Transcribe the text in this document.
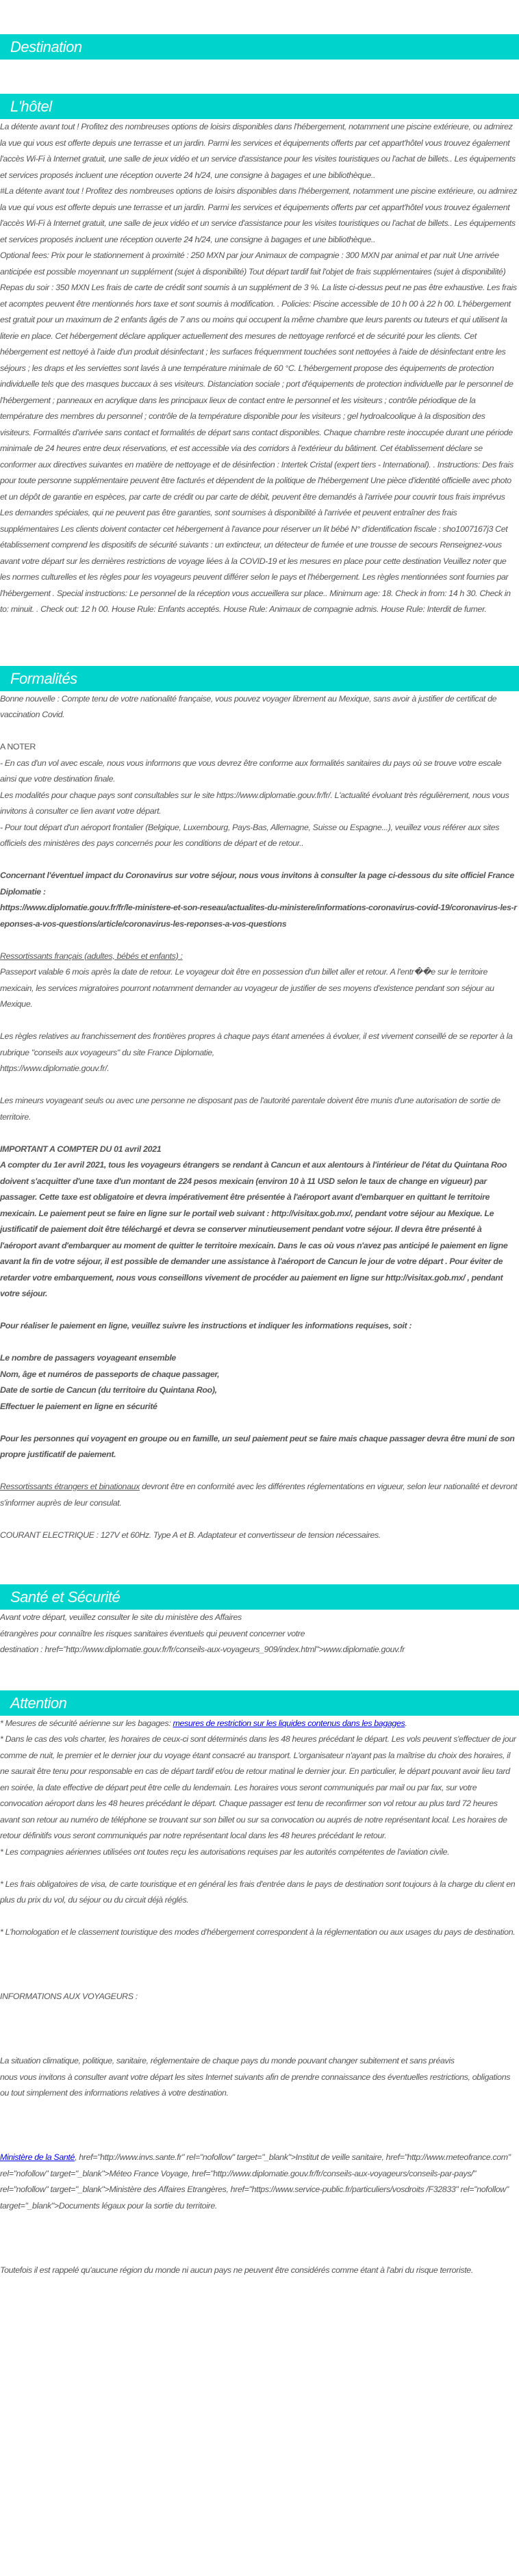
Destination
L'hôtel

La détente avant tout ! Profitez des nombreuses options de loisirs disponibles dans l'hébergement, notamment une piscine extérieure, ou admirez la vue qui vous est offerte depuis une terrasse et un jardin. Parmi les services et équipements offerts par cet appart'hôtel vous trouvez également l'accès Wi-Fi à Internet gratuit, une salle de jeux vidéo et un service d'assistance pour les visites touristiques ou l'achat de billets.. Les équipements et services proposés incluent une réception ouverte 24 h/24, une consigne à bagages et une bibliothèque..

#La détente avant tout ! Profitez des nombreuses options de loisirs disponibles dans l'hébergement, notamment une piscine extérieure, ou admirez la vue qui vous est offerte depuis une terrasse et un jardin. Parmi les services et équipements offerts par cet appart'hôtel vous trouvez également l'accès Wi-Fi à Internet gratuit, une salle de jeux vidéo et un service d'assistance pour les visites touristiques ou l'achat de billets.. Les équipements et services proposés incluent une réception ouverte 24 h/24, une consigne à bagages et une bibliothèque..

Optional fees: Prix pour le stationnement à proximité : 250 MXN par jour Animaux de compagnie : 300 MXN par animal et par nuit Une arrivée anticipée est possible moyennant un supplément (sujet à disponibilité) Tout départ tardif fait l'objet de frais supplémentaires (sujet à disponibilité) Repas du soir : 350 MXN Les frais de carte de crédit sont soumis à un supplément de 3 %. La liste ci-dessus peut ne pas être exhaustive. Les frais et acomptes peuvent être mentionnés hors taxe et sont soumis à modification. . Policies: Piscine accessible de 10 h 00 à 22 h 00. L'hébergement est gratuit pour un maximum de 2 enfants âgés de 7 ans ou moins qui occupent la même chambre que leurs parents ou tuteurs et qui utilisent la literie en place. Cet hébergement déclare appliquer actuellement des mesures de nettoyage renforcé et de sécurité pour les clients. Cet hébergement est nettoyé à l'aide d'un produit désinfectant ; les surfaces fréquemment touchées sont nettoyées à l'aide de désinfectant entre les séjours ; les draps et les serviettes sont lavés à une température minimale de 60 °C. L'hébergement propose des équipements de protection individuelle tels que des masques buccaux à ses visiteurs. Distanciation sociale ; port d'équipements de protection individuelle par le personnel de l'hébergement ; panneaux en acrylique dans les principaux lieux de contact entre le personnel et les visiteurs ; contrôle périodique de la température des membres du personnel ; contrôle de la température disponible pour les visiteurs ; gel hydroalcoolique à la disposition des visiteurs. Formalités d'arrivée sans contact et formalités de départ sans contact disponibles. Chaque chambre reste inoccupée durant une période minimale de 24 heures entre deux réservations, et est accessible via des corridors à l'extérieur du bâtiment. Cet établissement déclare se conformer aux directives suivantes en matière de nettoyage et de désinfection : Intertek Cristal (expert tiers - International). . Instructions: Des frais pour toute personne supplémentaire peuvent être facturés et dépendent de la politique de l'hébergement Une pièce d'identité officielle avec photo et un dépôt de garantie en espèces, par carte de crédit ou par carte de débit, peuvent être demandés à l'arrivée pour couvrir tous frais imprévus Les demandes spéciales, qui ne peuvent pas être garanties, sont soumises à disponibilité à l'arrivée et peuvent entraîner des frais supplémentaires Les clients doivent contacter cet hébergement à l'avance pour réserver un lit bébé N° d'identification fiscale : sho1007167j3 Cet établissement comprend les dispositifs de sécurité suivants : un extincteur, un détecteur de fumée et une trousse de secours Renseignez-vous avant votre départ sur les dernières restrictions de voyage liées à la COVID-19 et les mesures en place pour cette destination Veuillez noter que les normes culturelles et les règles pour les voyageurs peuvent différer selon le pays et l'hébergement. Les règles mentionnées sont fournies par l'hébergement . Special instructions: Le personnel de la réception vous accueillera sur place.. Minimum age: 18. Check in from: 14 h 30. Check in to: minuit. . Check out: 12 h 00. House Rule: Enfants acceptés. House Rule: Animaux de compagnie admis. House Rule: Interdit de fumer.

Formalités

Bonne nouvelle : Compte tenu de votre nationalité française, vous pouvez voyager librement au Mexique, sans avoir à justifier de certificat de vaccination Covid.

A NOTER

- En cas d'un vol avec escale, nous vous informons que vous devrez être conforme aux formalités sanitaires du pays où se trouve votre escale ainsi que votre destination finale.

Les modalités pour chaque pays sont consultables sur le site https://www.diplomatie.gouv.fr/fr/. L'actualité évoluant très régulièrement, nous vous invitons à consulter ce lien avant votre départ.

- Pour tout départ d'un aéroport frontalier (Belgique, Luxembourg, Pays-Bas, Allemagne, Suisse ou Espagne...), veuillez vous référer aux sites officiels des ministères des pays concernés pour les conditions de départ et de retour..

Concernant l'éventuel impact du Coronavirus sur votre séjour, nous vous invitons à consulter la page ci-dessous du site officiel France Diplomatie :

https://www.diplomatie.gouv.fr/fr/le-ministere-et-son-reseau/actualites-du-ministere/informations-coronavirus-covid-19/coronavirus-les-reponses-a-vos-questions/article/coronavirus-les-reponses-a-vos-questions

Ressortissants français (adultes, bébés et enfants) :

Passeport valable 6 mois après la date de retour. Le voyageur doit être en possession d'un billet aller et retour. A l'entr��e sur le territoire mexicain, les services migratoires pourront notamment demander au voyageur de justifier de ses moyens d'existence pendant son séjour au Mexique.

Les règles relatives au franchissement des frontières propres à chaque pays étant amenées à évoluer, il est vivement conseillé de se reporter à la rubrique "conseils aux voyageurs" du site France Diplomatie,

https://www.diplomatie.gouv.fr/.

Les mineurs voyageant seuls ou avec une personne ne disposant pas de l'autorité parentale doivent être munis d'une autorisation de sortie de territoire.

IMPORTANT A COMPTER DU 01 avril 2021

A compter du 1er avril 2021, tous les voyageurs étrangers se rendant à Cancun et aux alentours à l'intérieur de l'état du Quintana Roo doivent s'acquitter d'une taxe d'un montant de 224 pesos mexicain (environ 10 à 11 USD selon le taux de change en vigueur) par passager. Cette taxe est obligatoire et devra impérativement être présentée à l'aéroport avant d'embarquer en quittant le territoire mexicain. Le paiement peut se faire en ligne sur le portail web suivant : http://visitax.gob.mx/, pendant votre séjour au Mexique. Le justificatif de paiement doit être téléchargé et devra se conserver minutieusement pendant votre séjour. Il devra être présenté à l'aéroport avant d'embarquer au moment de quitter le territoire mexicain. Dans le cas où vous n'avez pas anticipé le paiement en ligne avant la fin de votre séjour, il est possible de demander une assistance à l'aéroport de Cancun le jour de votre départ . Pour éviter de retarder votre embarquement, nous vous conseillons vivement de procéder au paiement en ligne sur http://visitax.gob.mx/ , pendant votre séjour.

Pour réaliser le paiement en ligne, veuillez suivre les instructions et indiquer les informations requises, soit :

Le nombre de passagers voyageant ensemble

Nom, âge et numéros de passeports de chaque passager,

Date de sortie de Cancun (du territoire du Quintana Roo),

Effectuer le paiement en ligne en sécurité

Pour les personnes qui voyagent en groupe ou en famille, un seul paiement peut se faire mais chaque passager devra être muni de son propre justificatif de paiement.

Ressortissants étrangers et binationaux devront être en conformité avec les différentes réglementations en vigueur, selon leur nationalité et devront s'informer auprès de leur consulat.

COURANT ELECTRIQUE : 127V et 60Hz. Type A et B. Adaptateur et convertisseur de tension nécessaires.

Santé et Sécurité

Avant votre départ, veuillez consulter le site du ministère des Affaires

étrangères pour connaître les risques sanitaires éventuels qui peuvent concerner votre

destination : href="http://www.diplomatie.gouv.fr/fr/conseils-aux-voyageurs_909/index.html">www.diplomatie.gouv.fr

Attention

* Mesures de sécurité aérienne sur les bagages: mesures de restriction sur les liquides contenus dans les bagages.

* Dans le cas des vols charter, les horaires de ceux-ci sont déterminés dans les 48 heures précédant le départ. Les vols peuvent s'effectuer de jour comme de nuit, le premier et le dernier jour du voyage étant consacré au transport. L'organisateur n'ayant pas la maîtrise du choix des horaires, il ne saurait être tenu pour responsable en cas de départ tardif et/ou de retour matinal le dernier jour. En particulier, le départ pouvant avoir lieu tard en soirée, la date effective de départ peut être celle du lendemain. Les horaires vous seront communiqués par mail ou par fax, sur votre convocation aéroport dans les 48 heures précédant le départ. Chaque passager est tenu de reconfirmer son vol retour au plus tard 72 heures avant son retour au numéro de téléphone se trouvant sur son billet ou sur sa convocation ou auprés de notre représentant local. Les horaires de retour définitifs vous seront communiqués par notre représentant local dans les 48 heures précédant le retour.

* Les compagnies aériennes utilisées ont toutes reçu les autorisations requises par les autorités compétentes de l'aviation civile.

* Les frais obligatoires de visa, de carte touristique et en général les frais d'entrée dans le pays de destination sont toujours à la charge du client en plus du prix du vol, du séjour ou du circuit déjà réglés.

* L'homologation et le classement touristique des modes d'hébergement correspondent à la réglementation ou aux usages du pays de destination.

INFORMATIONS AUX VOYAGEURS :

La situation climatique, politique, sanitaire, réglementaire de chaque pays du monde pouvant changer subitement et sans préavis

nous vous invitons à consulter avant votre départ les sites Internet suivants afin de prendre connaissance des éventuelles restrictions, obligations ou tout simplement des informations relatives à votre destination.

Ministère de la Santé, href="http://www.invs.sante.fr" rel="nofollow" target="_blank">Institut de veille sanitaire, href="http://www.meteofrance.com" rel="nofollow" target="_blank">Méteo France Voyage, href="http://www.diplomatie.gouv.fr/fr/conseils-aux-voyageurs/conseils-par-pays/" rel="nofollow" target="_blank">Ministère des Affaires Etrangères, href="https://www.service-public.fr/particuliers/vosdroits /F32833" rel="nofollow" target="_blank">Documents légaux pour la sortie du territoire.

Toutefois il est rappelé qu'aucune région du monde ni aucun pays ne peuvent être considérés comme étant à l'abri du risque terroriste.
